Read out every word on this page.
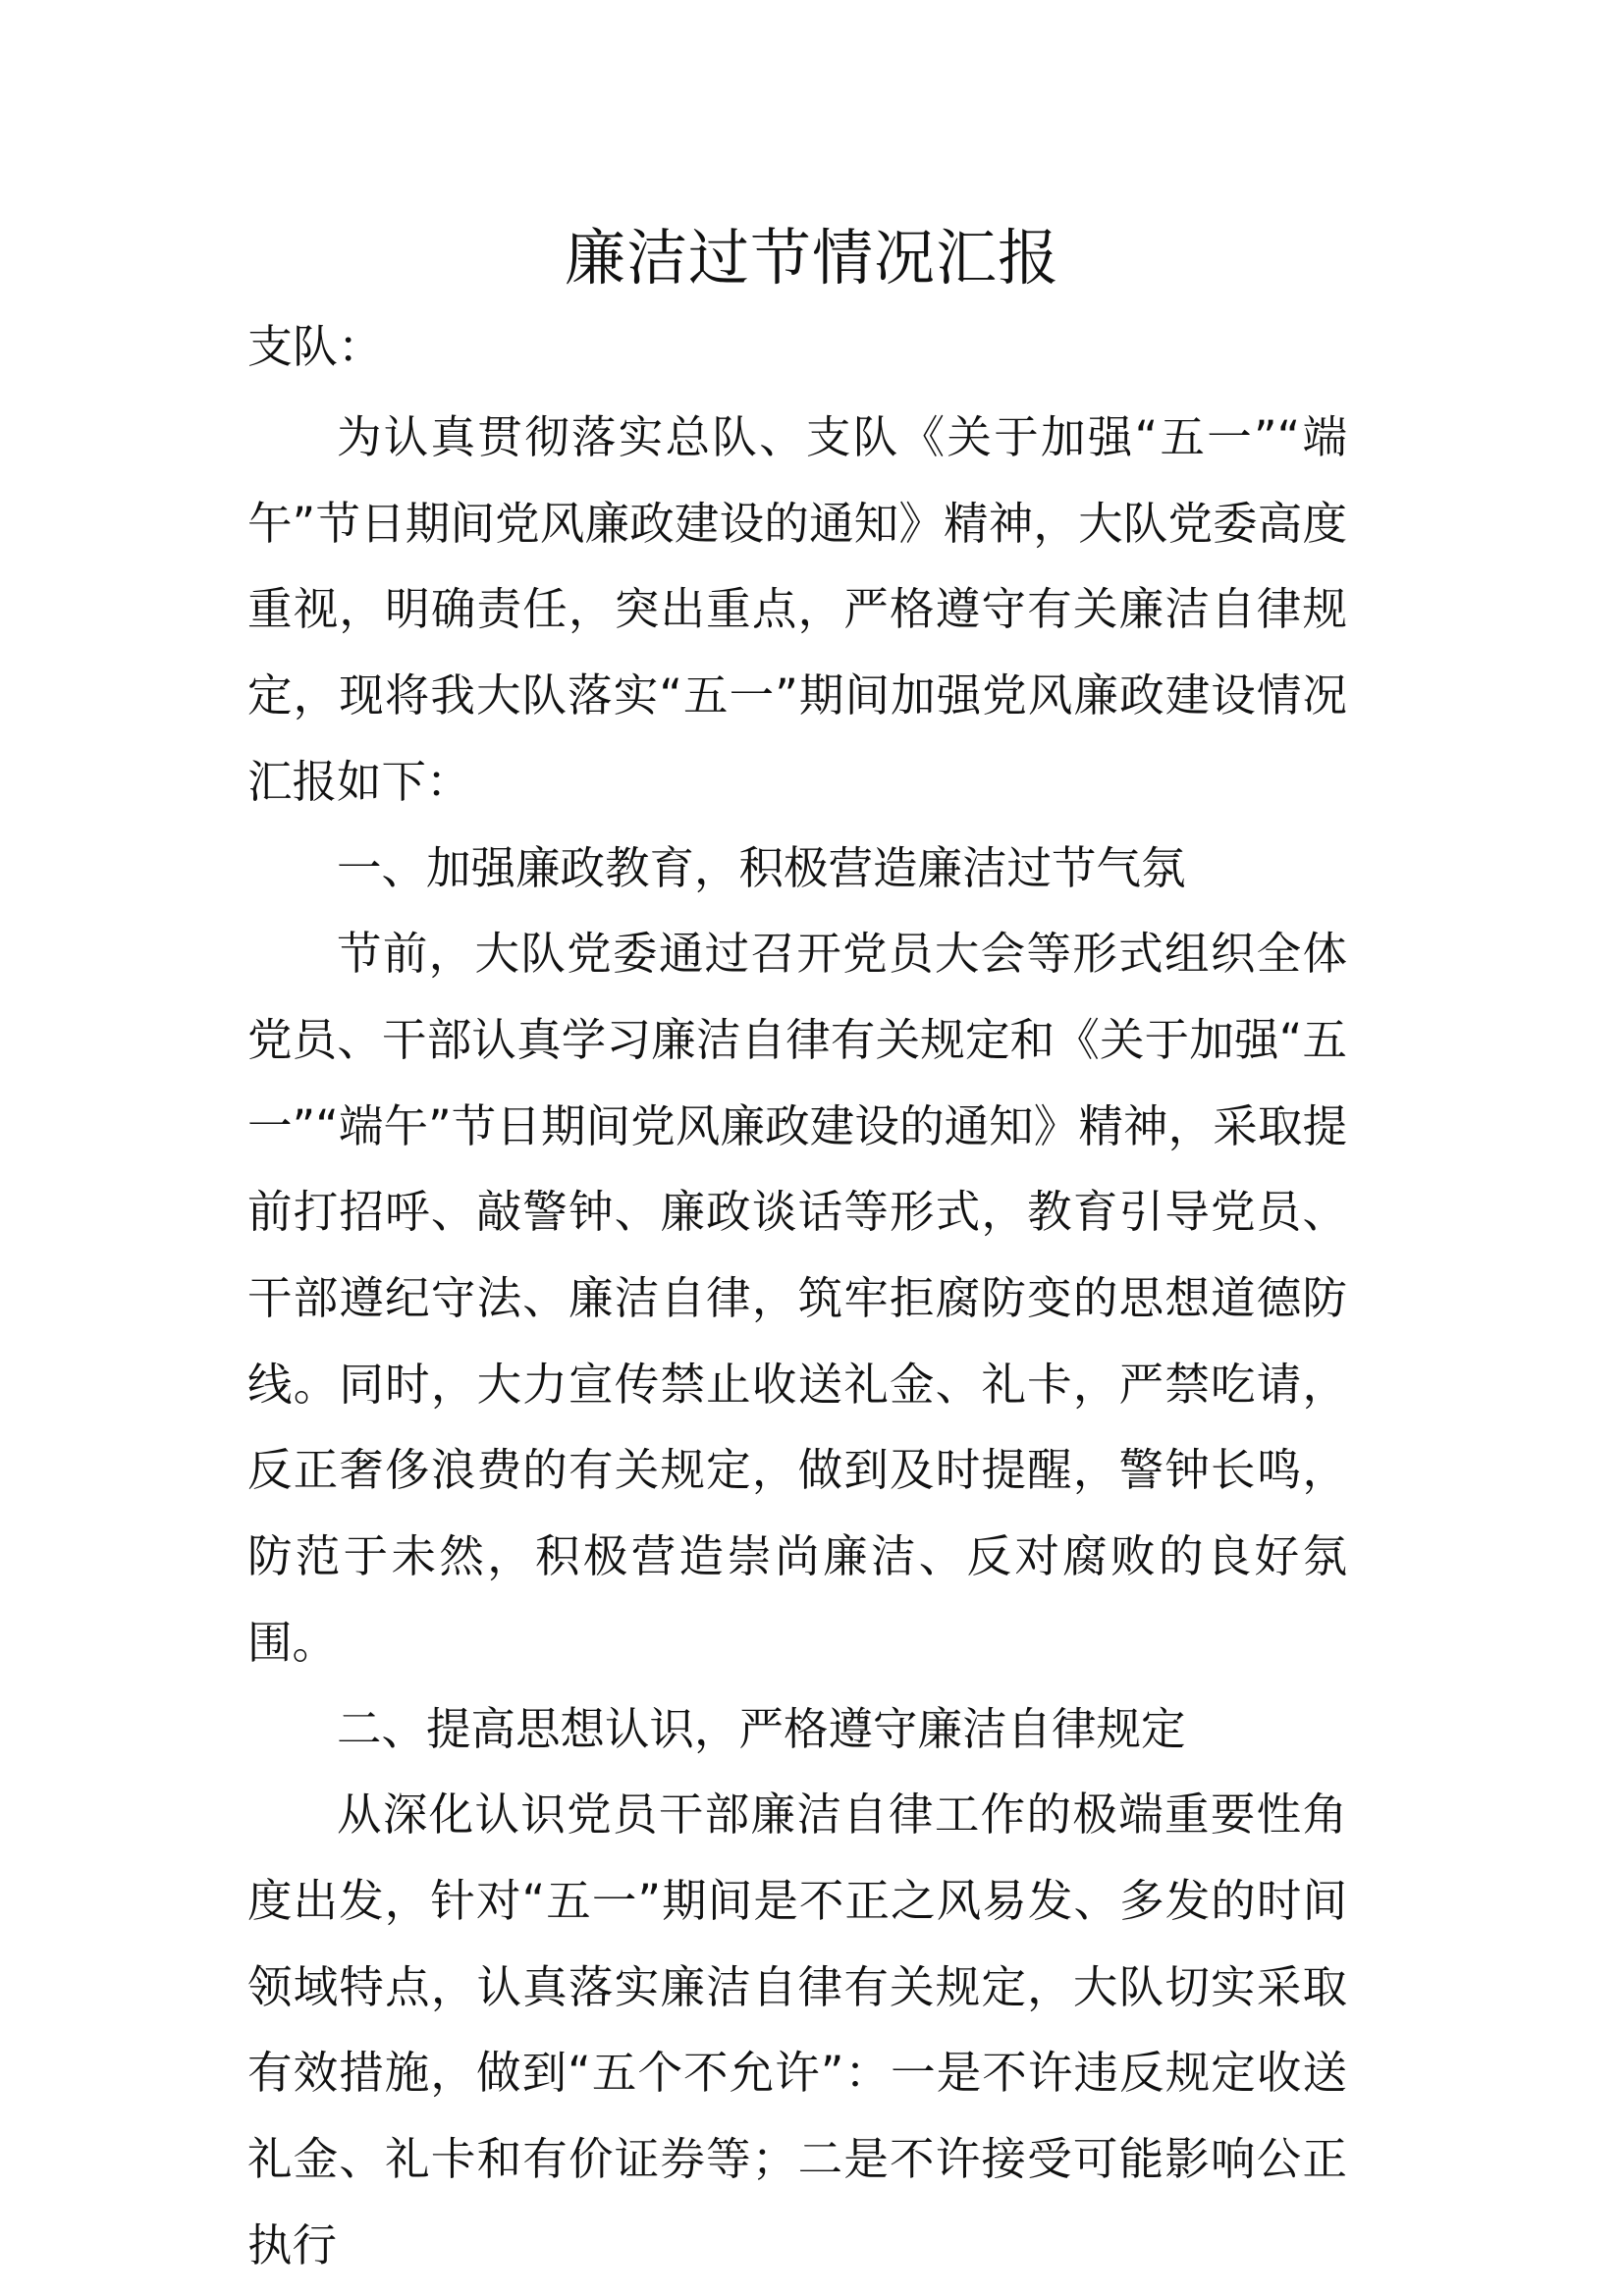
廉洁过节情况汇报
支队：

为认真贯彻落实总队、支队《关于加强“五一”“端午”节日期间党风廉政建设的通知》精神，大队党委高度重视，明确责任，突出重点，严格遵守有关廉洁自律规定，现将我大队落实“五一”期间加强党风廉政建设情况汇报如下：

一、加强廉政教育，积极营造廉洁过节气氛

节前，大队党委通过召开党员大会等形式组织全体党员、干部认真学习廉洁自律有关规定和《关于加强“五一”“端午”节日期间党风廉政建设的通知》精神，采取提前打招呼、敲警钟、廉政谈话等形式，教育引导党员、干部遵纪守法、廉洁自律，筑牢拒腐防变的思想道德防线。同时，大力宣传禁止收送礼金、礼卡，严禁吃请，反正奢侈浪费的有关规定，做到及时提醒，警钟长鸣，防范于未然，积极营造崇尚廉洁、反对腐败的良好氛围。

二、提高思想认识，严格遵守廉洁自律规定

从深化认识党员干部廉洁自律工作的极端重要性角度出发，针对“五一”期间是不正之风易发、多发的时间领域特点，认真落实廉洁自律有关规定，大队切实采取有效措施，做到“五个不允许”：一是不许违反规定收送礼金、礼卡和有价证券等；二是不许接受可能影响公正执行
